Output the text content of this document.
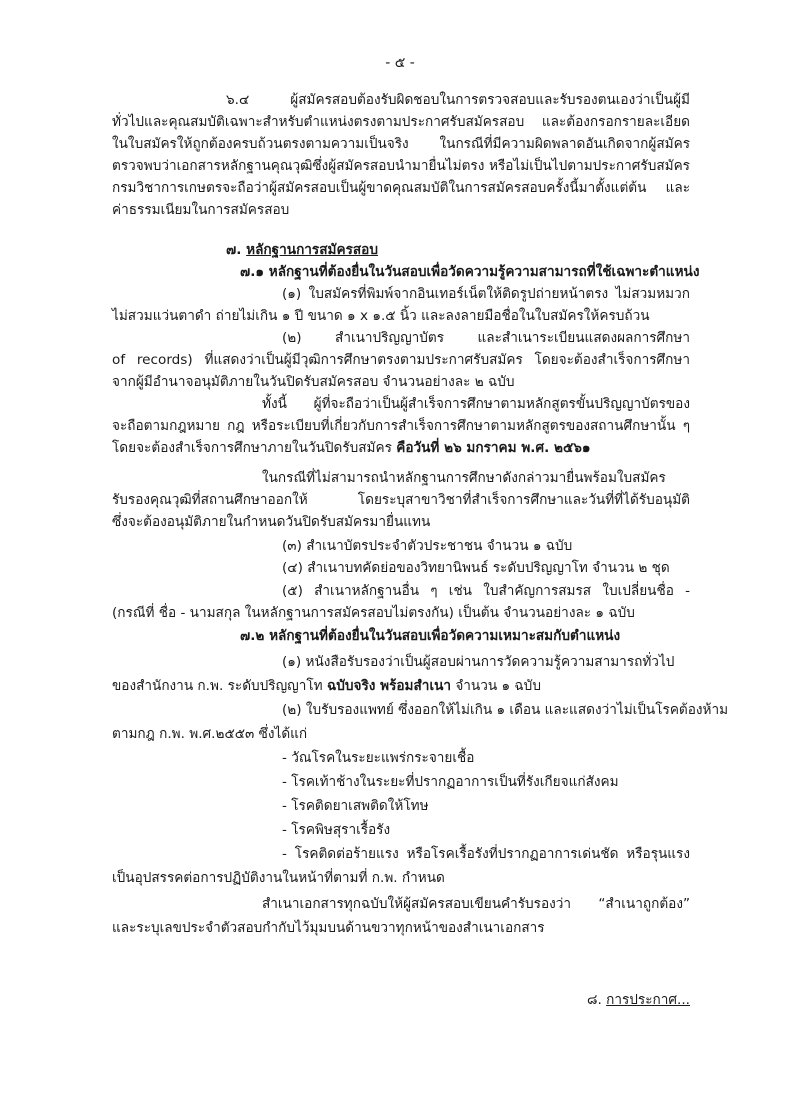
- ๕ -
๖.๔ ผู้สมัครสอบต้องรับผิดชอบในการตรวจสอบและรับรองตนเองว่าเป็นผู้มี
ทั่วไปและคุณสมบัติเฉพาะสำหรับตำแหน่งตรงตามประกาศรับสมัครสอบ และต้องกรอกรายละเอียด
ในใบสมัครให้ถูกต้องครบถ้วนตรงตามความเป็นจริง ในกรณีที่มีความผิดพลาดอันเกิดจากผู้สมัคร
ตรวจพบว่าเอกสารหลักฐานคุณวุฒิซึ่งผู้สมัครสอบนำมายื่นไม่ตรง หรือไม่เป็นไปตามประกาศรับสมัคร
กรมวิชาการเกษตรจะถือว่าผู้สมัครสอบเป็นผู้ขาดคุณสมบัติในการสมัครสอบครั้งนี้มาตั้งแต่ต้น และ
ค่าธรรมเนียมในการสมัครสอบ
๗. หลักฐานการสมัครสอบ
๗.๑ หลักฐานที่ต้องยื่นในวันสอบเพื่อวัดความรู้ความสามารถที่ใช้เฉพาะตำแหน่ง
(๑) ใบสมัครที่พิมพ์จากอินเทอร์เน็ตให้ติดรูปถ่ายหน้าตรง ไม่สวมหมวก
ไม่สวมแว่นตาดำ ถ่ายไม่เกิน ๑ ปี ขนาด ๑ x ๑.๕ นิ้ว และลงลายมือชื่อในใบสมัครให้ครบถ้วน
(๒) สำเนาปริญญาบัตร และสำเนาระเบียนแสดงผลการศึกษา
of records) ที่แสดงว่าเป็นผู้มีวุฒิการศึกษาตรงตามประกาศรับสมัคร โดยจะต้องสำเร็จการศึกษา
จากผู้มีอำนาจอนุมัติภายในวันปิดรับสมัครสอบ จำนวนอย่างละ ๒ ฉบับ
ทั้งนี้ ผู้ที่จะถือว่าเป็นผู้สำเร็จการศึกษาตามหลักสูตรขั้นปริญญาบัตรของ
จะถือตามกฎหมาย กฎ หรือระเบียบที่เกี่ยวกับการสำเร็จการศึกษาตามหลักสูตรของสถานศึกษานั้น ๆ
โดยจะต้องสำเร็จการศึกษาภายในวันปิดรับสมัคร คือวันที่ ๒๖ มกราคม พ.ศ. ๒๕๖๑
ในกรณีที่ไม่สามารถนำหลักฐานการศึกษาดังกล่าวมายื่นพร้อมใบสมัคร
รับรองคุณวุฒิที่สถานศึกษาออกให้ โดยระบุสาขาวิชาที่สำเร็จการศึกษาและวันที่ที่ได้รับอนุมัติ
ซึ่งจะต้องอนุมัติภายในกำหนดวันปิดรับสมัครมายื่นแทน
(๓) สำเนาบัตรประจำตัวประชาชน จำนวน ๑ ฉบับ
(๔) สำเนาบทคัดย่อของวิทยานิพนธ์ ระดับปริญญาโท จำนวน ๒ ชุด
(๕) สำเนาหลักฐานอื่น ๆ เช่น ใบสำคัญการสมรส ใบเปลี่ยนชื่อ -
(กรณีที่ ชื่อ - นามสกุล ในหลักฐานการสมัครสอบไม่ตรงกัน) เป็นต้น จำนวนอย่างละ ๑ ฉบับ
๗.๒ หลักฐานที่ต้องยื่นในวันสอบเพื่อวัดความเหมาะสมกับตำแหน่ง
(๑) หนังสือรับรองว่าเป็นผู้สอบผ่านการวัดความรู้ความสามารถทั่วไป
ของสำนักงาน ก.พ. ระดับปริญญาโท ฉบับจริง พร้อมสำเนา จำนวน ๑ ฉบับ
(๒) ใบรับรองแพทย์ ซึ่งออกให้ไม่เกิน ๑ เดือน และแสดงว่าไม่เป็นโรคต้องห้าม
ตามกฎ ก.พ. พ.ศ.๒๕๕๓ ซึ่งได้แก่
- วัณโรคในระยะแพร่กระจายเชื้อ
- โรคเท้าช้างในระยะที่ปรากฏอาการเป็นที่รังเกียจแก่สังคม
- โรคติดยาเสพติดให้โทษ
- โรคพิษสุราเรื้อรัง
- โรคติดต่อร้ายแรง หรือโรคเรื้อรังที่ปรากฏอาการเด่นชัด หรือรุนแรง
เป็นอุปสรรคต่อการปฏิบัติงานในหน้าที่ตามที่ ก.พ. กำหนด
สำเนาเอกสารทุกฉบับให้ผู้สมัครสอบเขียนคำรับรองว่า “สำเนาถูกต้อง”
และระบุเลขประจำตัวสอบกำกับไว้มุมบนด้านขวาทุกหน้าของสำเนาเอกสาร
๘. การประกาศ...
